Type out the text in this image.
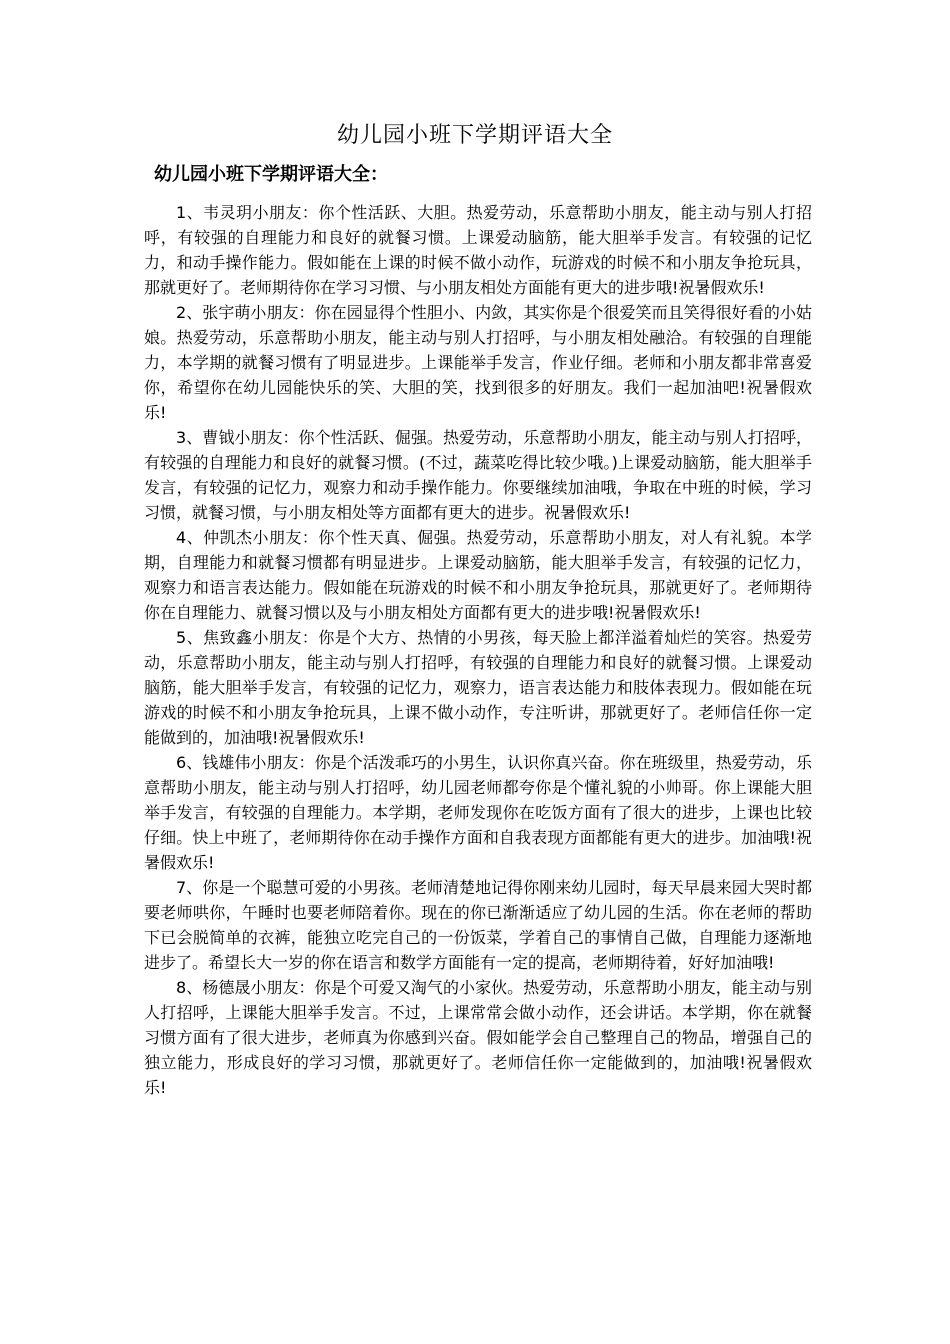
幼儿园小班下学期评语大全
幼儿园小班下学期评语大全：

1、韦灵玥小朋友：你个性活跃、大胆。热爱劳动，乐意帮助小朋友，能主动与别人打招呼，有较强的自理能力和良好的就餐习惯。上课爱动脑筋，能大胆举手发言。有较强的记忆力，和动手操作能力。假如能在上课的时候不做小动作，玩游戏的时候不和小朋友争抢玩具，那就更好了。老师期待你在学习习惯、与小朋友相处方面能有更大的进步哦!祝暑假欢乐!

2、张宇萌小朋友：你在园显得个性胆小、内敛，其实你是个很爱笑而且笑得很好看的小姑娘。热爱劳动，乐意帮助小朋友，能主动与别人打招呼，与小朋友相处融洽。有较强的自理能力，本学期的就餐习惯有了明显进步。上课能举手发言，作业仔细。老师和小朋友都非常喜爱你，希望你在幼儿园能快乐的笑、大胆的笑，找到很多的好朋友。我们一起加油吧!祝暑假欢乐!

3、曹钺小朋友：你个性活跃、倔强。热爱劳动，乐意帮助小朋友，能主动与别人打招呼，有较强的自理能力和良好的就餐习惯。(不过，蔬菜吃得比较少哦。)上课爱动脑筋，能大胆举手发言，有较强的记忆力，观察力和动手操作能力。你要继续加油哦，争取在中班的时候，学习习惯，就餐习惯，与小朋友相处等方面都有更大的进步。祝暑假欢乐!

4、仲凯杰小朋友：你个性天真、倔强。热爱劳动，乐意帮助小朋友，对人有礼貌。本学期，自理能力和就餐习惯都有明显进步。上课爱动脑筋，能大胆举手发言，有较强的记忆力，观察力和语言表达能力。假如能在玩游戏的时候不和小朋友争抢玩具，那就更好了。老师期待你在自理能力、就餐习惯以及与小朋友相处方面都有更大的进步哦!祝暑假欢乐!

5、焦致鑫小朋友：你是个大方、热情的小男孩，每天脸上都洋溢着灿烂的笑容。热爱劳动，乐意帮助小朋友，能主动与别人打招呼，有较强的自理能力和良好的就餐习惯。上课爱动脑筋，能大胆举手发言，有较强的记忆力，观察力，语言表达能力和肢体表现力。假如能在玩游戏的时候不和小朋友争抢玩具，上课不做小动作，专注听讲，那就更好了。老师信任你一定能做到的，加油哦!祝暑假欢乐!

6、钱雄伟小朋友：你是个活泼乖巧的小男生，认识你真兴奋。你在班级里，热爱劳动，乐意帮助小朋友，能主动与别人打招呼，幼儿园老师都夸你是个懂礼貌的小帅哥。你上课能大胆举手发言，有较强的自理能力。本学期，老师发现你在吃饭方面有了很大的进步，上课也比较仔细。快上中班了，老师期待你在动手操作方面和自我表现方面都能有更大的进步。加油哦!祝暑假欢乐!

7、你是一个聪慧可爱的小男孩。老师清楚地记得你刚来幼儿园时，每天早晨来园大哭时都要老师哄你，午睡时也要老师陪着你。现在的你已渐渐适应了幼儿园的生活。你在老师的帮助下已会脱简单的衣裤，能独立吃完自己的一份饭菜，学着自己的事情自己做，自理能力逐渐地进步了。希望长大一岁的你在语言和数学方面能有一定的提高，老师期待着，好好加油哦!

8、杨德晟小朋友：你是个可爱又淘气的小家伙。热爱劳动，乐意帮助小朋友，能主动与别人打招呼，上课能大胆举手发言。不过，上课常常会做小动作，还会讲话。本学期，你在就餐习惯方面有了很大进步，老师真为你感到兴奋。假如能学会自己整理自己的物品，增强自己的独立能力，形成良好的学习习惯，那就更好了。老师信任你一定能做到的，加油哦!祝暑假欢乐!
